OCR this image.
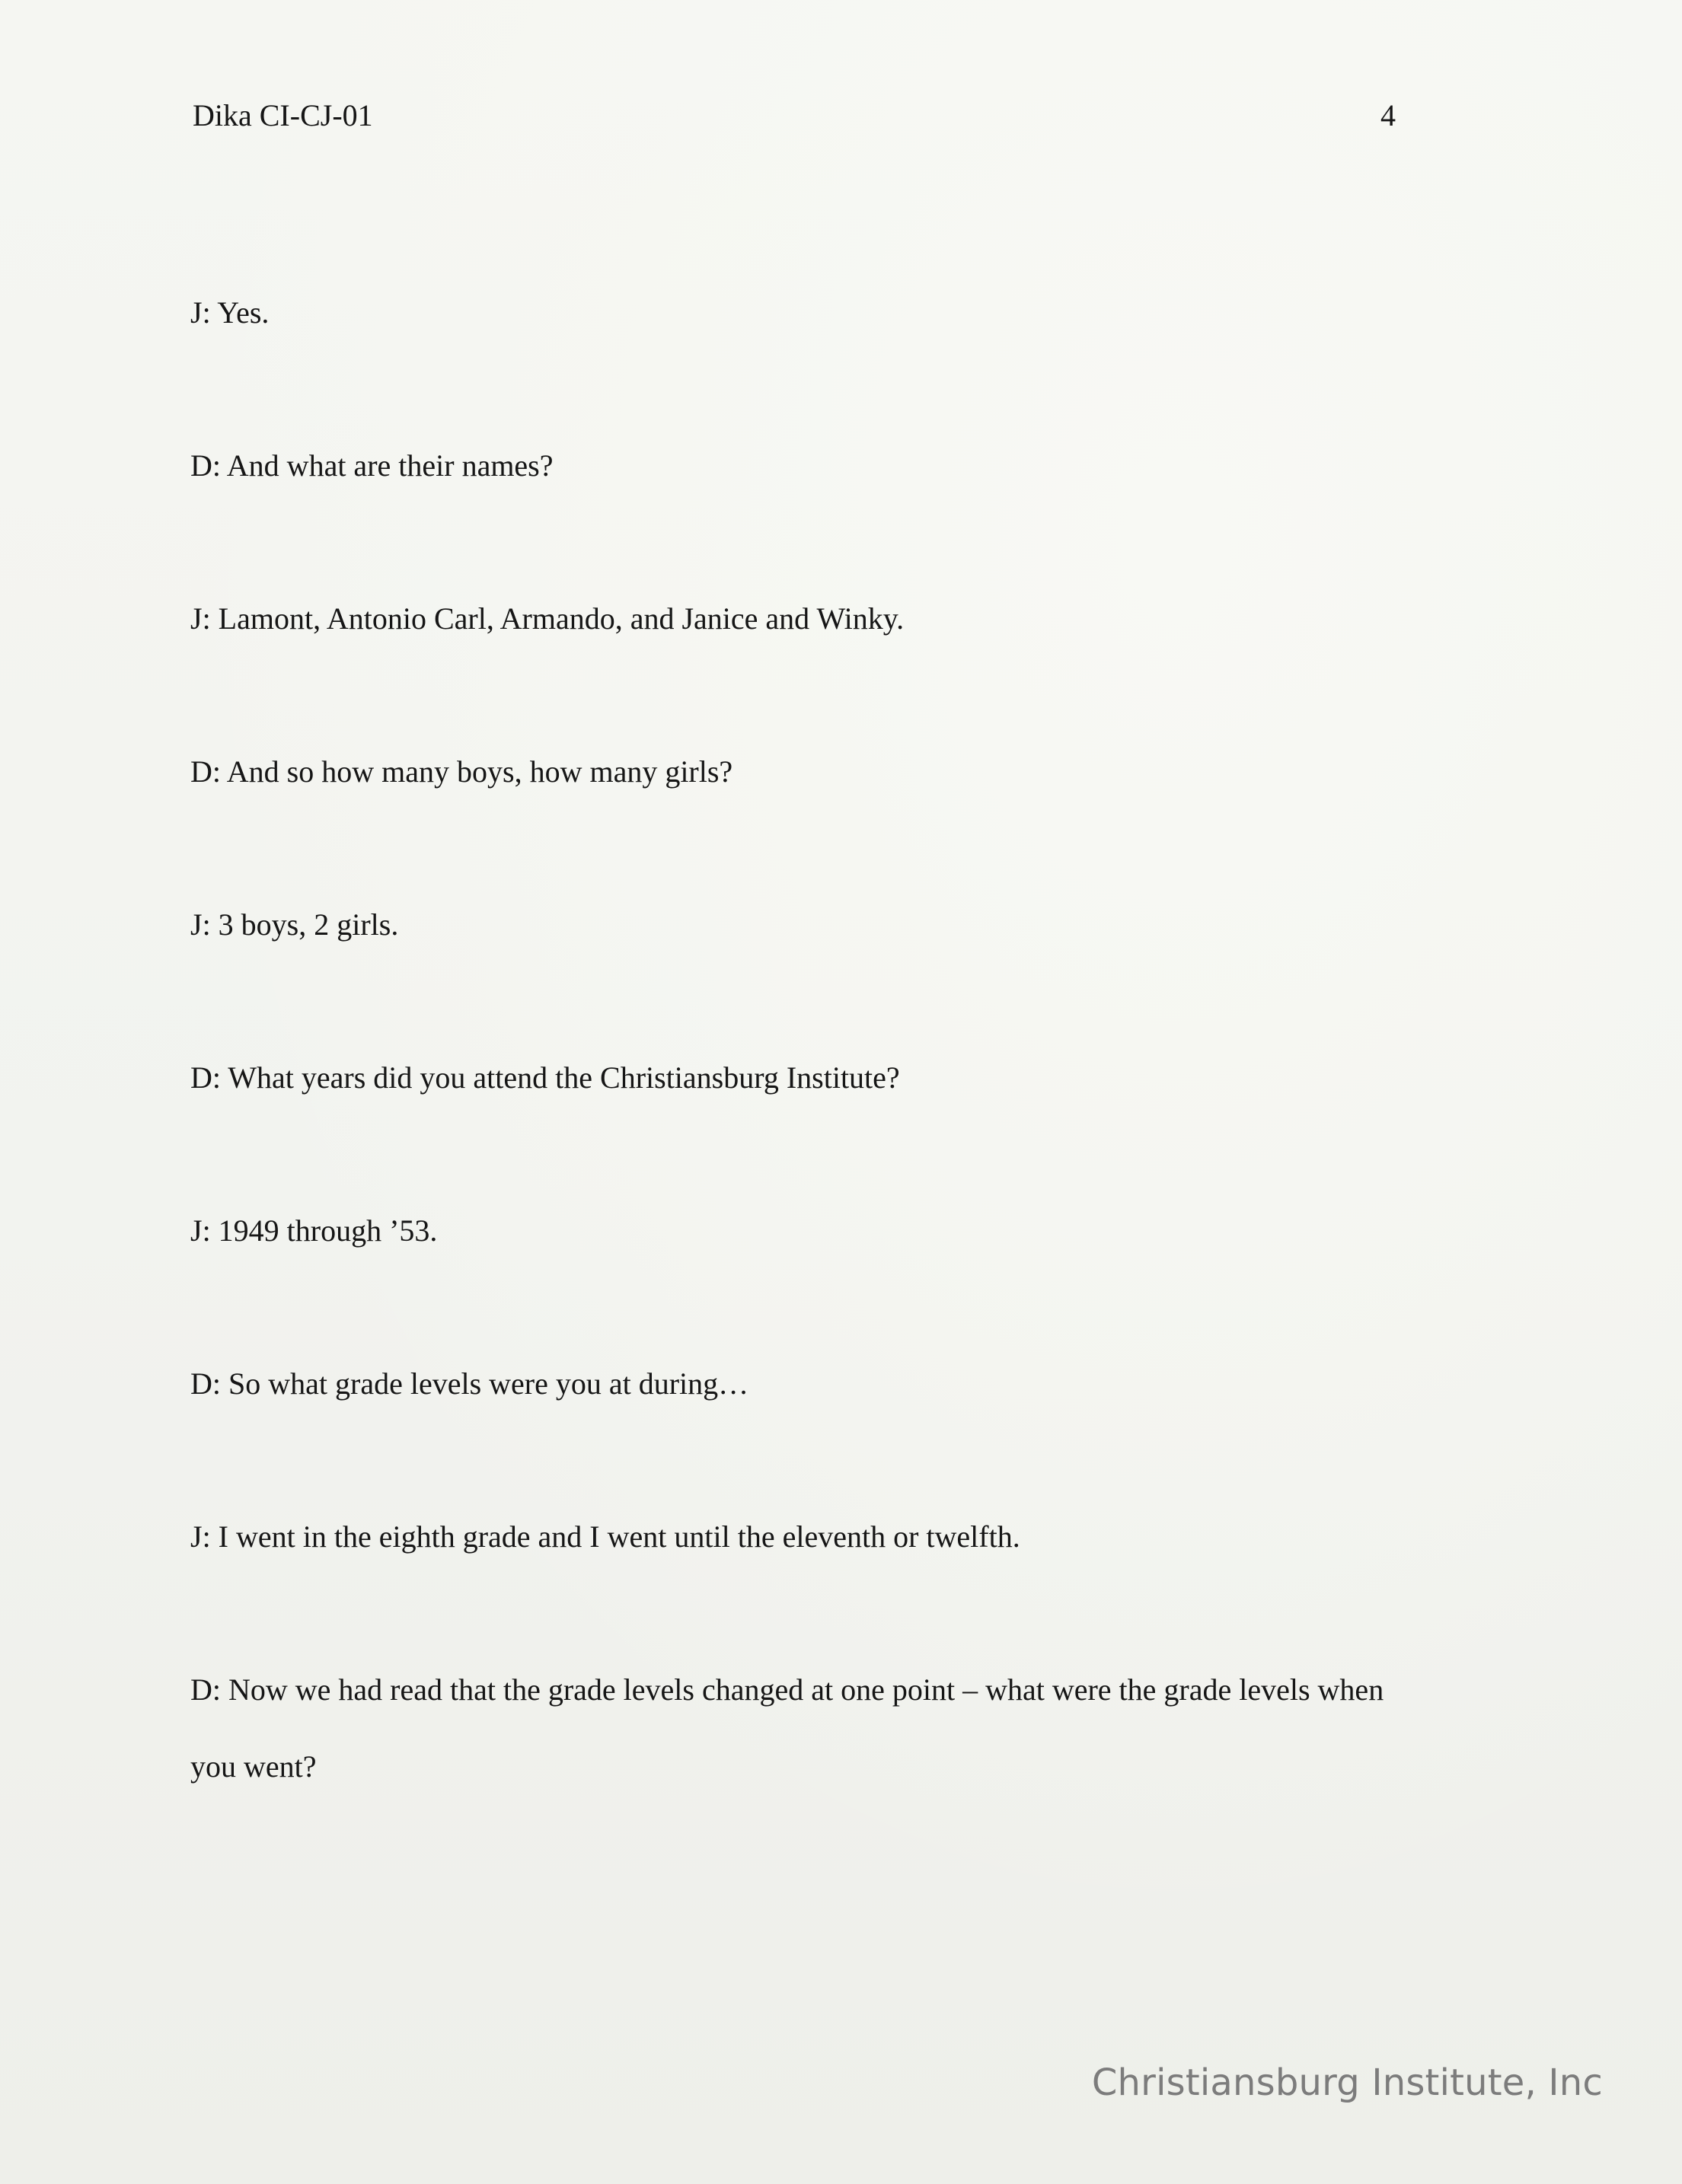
Dika CI-CJ-01	4
J: Yes.
D: And what are their names?
J: Lamont, Antonio Carl, Armando, and Janice and Winky.
D: And so how many boys, how many girls?
J: 3 boys, 2 girls.
D: What years did you attend the Christiansburg Institute?
J: 1949 through ’53.
D: So what grade levels were you at during…
J: I went in the eighth grade and I went until the eleventh or twelfth.
D: Now we had read that the grade levels changed at one point – what were the grade levels when you went?
Christiansburg Institute, Inc
